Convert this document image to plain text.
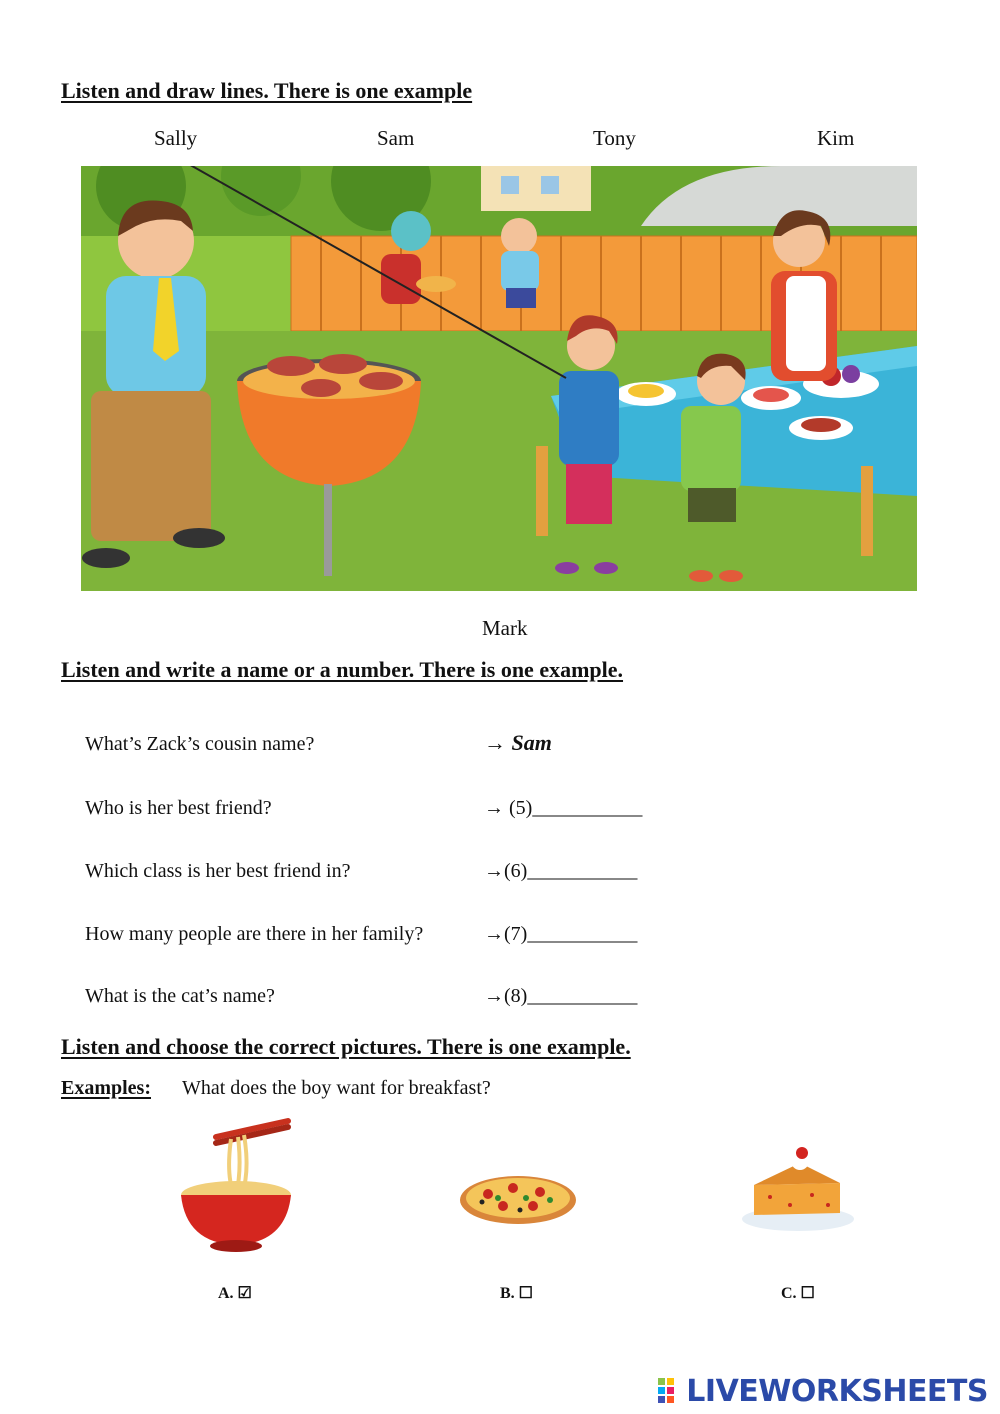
Listen and draw lines. There is one example
Sally	Sam	Tony	Kim
Mark
Listen and write a name or a number. There is one example.
What’s Zack’s cousin name?	→ Sam
Who is her best friend?	→ (5)___________
Which class is her best friend in?	→(6)___________
How many people are there in her family?	→(7)___________
What is the cat’s name?	→(8)___________
Listen and choose the correct pictures. There is one example.
Examples: What does the boy want for breakfast?
A. ☑	B. ☐	C. ☐
LIVEWORKSHEETS
